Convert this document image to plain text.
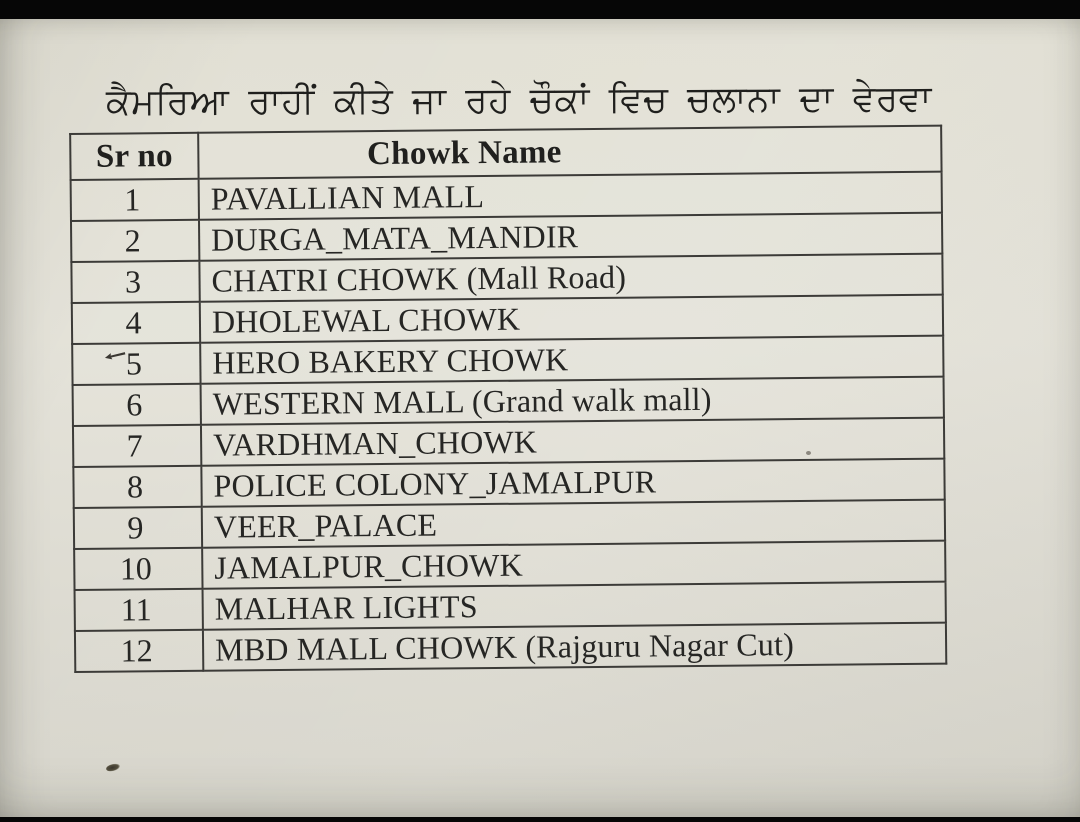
ਕੈਮਰਿਆ ਰਾਹੀਂ ਕੀਤੇ ਜਾ ਰਹੇ ਚੌਕਾਂ ਵਿਚ ਚਲਾਨਾ ਦਾ ਵੇਰਵਾ
Sr no	Chowk Name
1	PAVALLIAN MALL
2	DURGA_MATA_MANDIR
3	CHATRI CHOWK (Mall Road)
4	DHOLEWAL CHOWK
5	HERO BAKERY CHOWK
6	WESTERN MALL (Grand walk mall)
7	VARDHMAN_CHOWK
8	POLICE COLONY_JAMALPUR
9	VEER_PALACE
10	JAMALPUR_CHOWK
11	MALHAR LIGHTS
12	MBD MALL CHOWK (Rajguru Nagar Cut)
